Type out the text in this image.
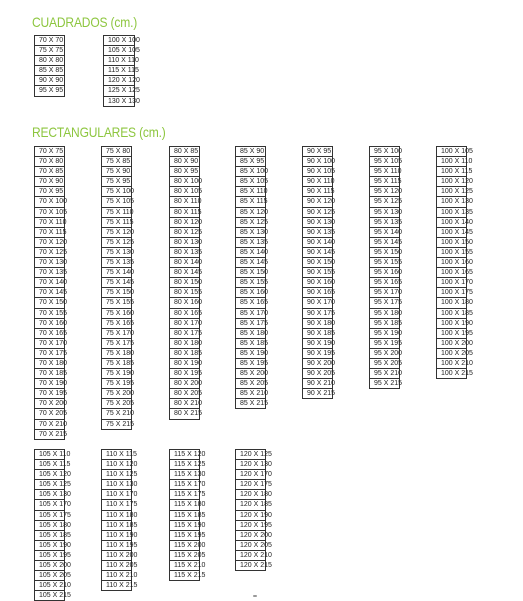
CUADRADOS (cm.)
RECTANGULARES (cm.)
70 X 70
75 X 75
80 X 80
85 X 85
90 X 90
95 X 95
100 X 100
105 X 105
110 X 110
115 X 115
120 X 120
125 X 125
130 X 130
70 X 75
70 X 80
70 X 85
70 X 90
70 X 95
70 X 100
70 X 105
70 X 110
70 X 115
70 X 120
70 X 125
70 X 130
70 X 135
70 X 140
70 X 145
70 X 150
70 X 155
70 X 160
70 X 165
70 X 170
70 X 175
70 X 180
70 X 185
70 X 190
70 X 195
70 X 200
70 X 205
70 X 210
70 X 215
75 X 80
75 X 85
75 X 90
75 X 95
75 X 100
75 X 105
75 X 110
75 X 115
75 X 120
75 X 125
75 X 130
75 X 135
75 X 140
75 X 145
75 X 150
75 X 155
75 X 160
75 X 165
75 X 170
75 X 175
75 X 180
75 X 185
75 X 190
75 X 195
75 X 200
75 X 205
75 X 210
75 X 215
80 X 85
80 X 90
80 X 95
80 X 100
80 X 105
80 X 110
80 X 115
80 X 120
80 X 125
80 X 130
80 X 135
80 X 140
80 X 145
80 X 150
80 X 155
80 X 160
80 X 165
80 X 170
80 X 175
80 X 180
80 X 185
80 X 190
80 X 195
80 X 200
80 X 205
80 X 210
80 X 215
85 X 90
85 X 95
85 X 100
85 X 105
85 X 110
85 X 115
85 X 120
85 X 125
85 X 130
85 X 135
85 X 140
85 X 145
85 X 150
85 X 155
85 X 160
85 X 165
85 X 170
85 X 175
85 X 180
85 X 185
85 X 190
85 X 195
85 X 200
85 X 205
85 X 210
85 X 215
90 X 95
90 X 100
90 X 105
90 X 110
90 X 115
90 X 120
90 X 125
90 X 130
90 X 135
90 X 140
90 X 145
90 X 150
90 X 155
90 X 160
90 X 165
90 X 170
90 X 175
90 X 180
90 X 185
90 X 190
90 X 195
90 X 200
90 X 205
90 X 210
90 X 215
95 X 100
95 X 105
95 X 110
95 X 115
95 X 120
95 X 125
95 X 130
95 X 135
95 X 140
95 X 145
95 X 150
95 X 155
95 X 160
95 X 165
95 X 170
95 X 175
95 X 180
95 X 185
95 X 190
95 X 195
95 X 200
95 X 205
95 X 210
95 X 215
100 X 105
100 X 110
100 X 115
100 X 120
100 X 125
100 X 130
100 X 135
100 X 140
100 X 145
100 X 150
100 X 155
100 X 160
100 X 165
100 X 170
100 X 175
100 X 180
100 X 185
100 X 190
100 X 195
100 X 200
100 X 205
100 X 210
100 X 215
105 X 110
105 X 115
105 X 120
105 X 125
105 X 130
105 X 170
105 X 175
105 X 180
105 X 185
105 X 190
105 X 195
105 X 200
105 X 205
105 X 210
105 X 215
110 X 115
110 X 120
110 X 125
110 X 130
110 X 170
110 X 175
110 X 180
110 X 185
110 X 190
110 X 195
110 X 200
110 X 205
110 X 210
110 X 215
115 X 120
115 X 125
115 X 130
115 X 170
115 X 175
115 X 180
115 X 185
115 X 190
115 X 195
115 X 200
115 X 205
115 X 210
115 X 215
120 X 125
120 X 130
120 X 170
120 X 175
120 X 180
120 X 185
120 X 190
120 X 195
120 X 200
120 X 205
120 X 210
120 X 215
